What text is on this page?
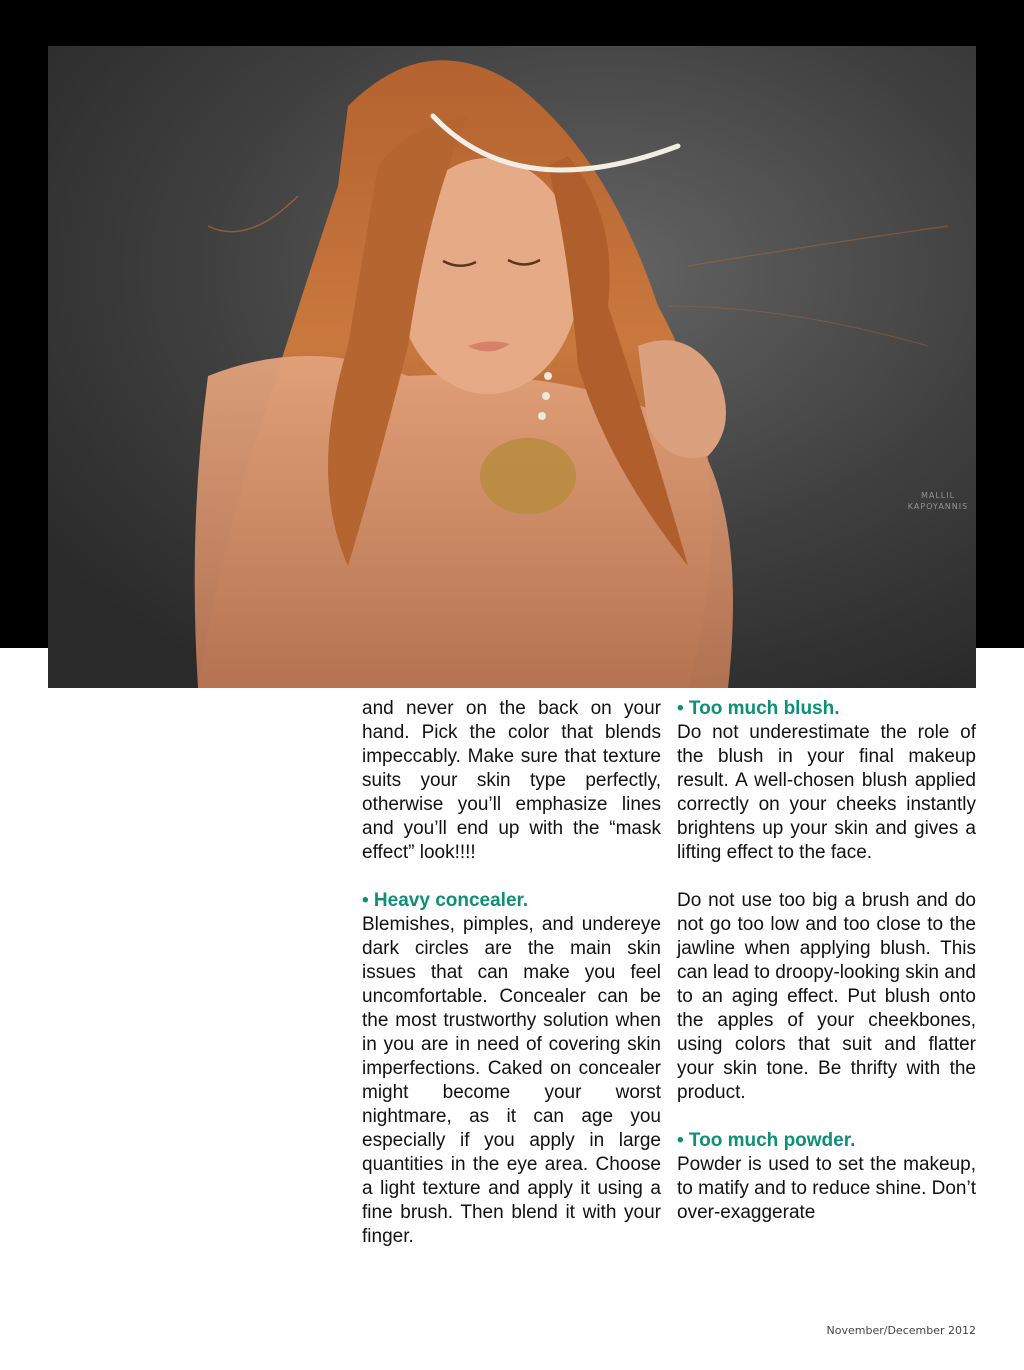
MALLIL
KAPOYANNIS

and never on the back on your hand. Pick the color that blends impeccably. Make sure that texture suits your skin type perfectly, otherwise you’ll emphasize lines and you’ll end up with the “mask effect” look!!!!

• Heavy concealer.

Blemishes, pimples, and undereye dark circles are the main skin issues that can make you feel uncomfortable. Concealer can be the most trustworthy solution when in you are in need of covering skin imperfections. Caked on concealer might become your worst nightmare, as it can age you especially if you apply in large quantities in the eye area. Choose a light texture and apply it using a fine brush. Then blend it with your finger.

• Too much blush.

Do not underestimate the role of the blush in your final makeup result. A well-chosen blush applied correctly on your cheeks instantly brightens up your skin and gives a lifting effect to the face.

Do not use too big a brush and do not go too low and too close to the jawline when applying blush. This can lead to droopy-looking skin and to an aging effect. Put blush onto the apples of your cheekbones, using colors that suit and flatter your skin tone. Be thrifty with the product.

• Too much powder.

Powder is used to set the makeup, to matify and to reduce shine. Don’t over-exaggerate

November/December 2012
